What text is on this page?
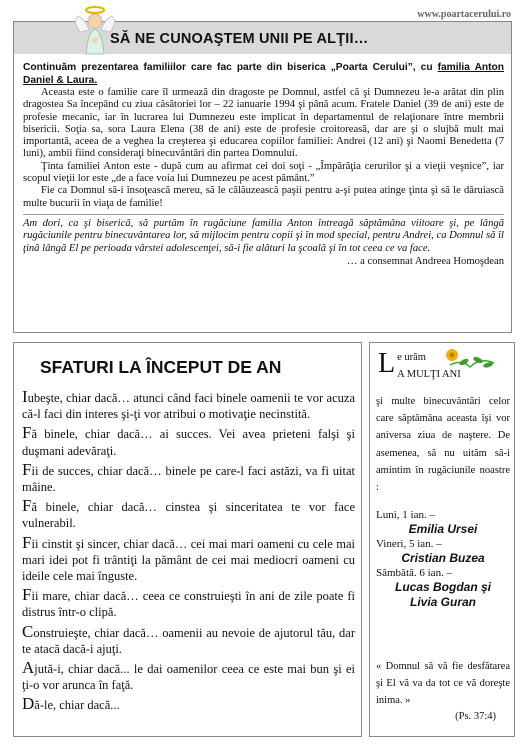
www.poartacerului.ro
SĂ NE CUNOAŞTEM UNII PE ALŢII…

Continuăm prezentarea familiilor care fac parte din biserica „Poarta Cerului”, cu familia Anton Daniel & Laura.

Aceasta este o familie care îl urmează din dragoste pe Domnul, astfel că şi Dumnezeu le-a arătat din plin dragostea Sa începând cu ziua căsătoriei lor – 22 ianuarie 1994 şi până acum. Fratele Daniel (39 de ani) este de profesie mecanic, iar în lucrarea lui Dumnezeu este implicat în departamentul de relaţionare între membrii bisericii. Soţia sa, sora Laura Elena (38 de ani) este de profesie croitoreasă, dar are şi o slujbă mult mai importantă, aceea de a veghea la creşterea şi educarea copiilor familiei: Andrei (12 ani) şi Naomi Benedetta (7 luni), ambii fiind consideraţi binecuvântări din partea Domnului.

Ţinta familiei Anton este - după cum au afirmat cei doi soţi - „Împărăţia cerurilor şi a vieţii veşnice”, iar scopul vieţii lor este „de a face voia lui Dumnezeu pe acest pământ.”

Fie ca Domnul să-i însoţească mereu, să le călăuzească paşii pentru a-şi putea atinge ţinta şi să le dăruiască multe bucurii în viaţa de familie!

Am dori, ca şi biserică, să purtăm în rugăciune familia Anton întreagă săptămâna viitoare şi, pe lângă rugăciunile pentru binecuvântarea lor, să mijlocim pentru copii şi în mod special, pentru Andrei, ca Domnul să îl ţină lângă El pe perioada vârstei adolescenţei, să-i fie alături la şcoală şi în tot ceea ce va face.

… a consemnat Andreea Homoşdean

SFATURI LA ÎNCEPUT DE AN

Iubeşte, chiar dacă… atunci când faci binele oamenii te vor acuza că-l faci din interes şi-ţi vor atribui o motivaţie necinstită.

Fă binele, chiar dacă… ai succes. Vei avea prieteni falşi şi duşmani adevăraţi.

Fii de succes, chiar dacă… binele pe care-l faci astăzi, va fi uitat mâine.

Fă binele, chiar dacă… cinstea şi sinceritatea te vor face vulnerabil.

Fii cinstit şi sincer, chiar dacă… cei mai mari oameni cu cele mai mari idei pot fi trântiţi la pământ de cei mai mediocri oameni cu ideile cele mai înguste.

Fii mare, chiar dacă… ceea ce construieşti în ani de zile poate fi distrus într-o clipă.

Construieşte, chiar dacă… oamenii au nevoie de ajutorul tău, dar te atacă dacă-i ajuţi.

Ajută-i, chiar dacă... le dai oamenilor ceea ce este mai bun şi ei ţi-o vor arunca în faţă.

Dă-le, chiar dacă...

L e urăm
A MULŢI ANI
şi multe binecuvântări celor care săptămâna aceasta îşi vor aniversa ziua de naştere. De asemenea, să nu uităm să-i amintim în rugăciunile noastre :
Luni, 1 ian. –
Emilia Ursei
Vineri, 5 ian. –
Cristian Buzea
Sâmbătă. 6 ian. –
Lucas Bogdan şi
Livia Guran
« Domnul să vă fie desfătarea şi El vă va da tot ce vă doreşte inima. »
(Ps. 37:4)
